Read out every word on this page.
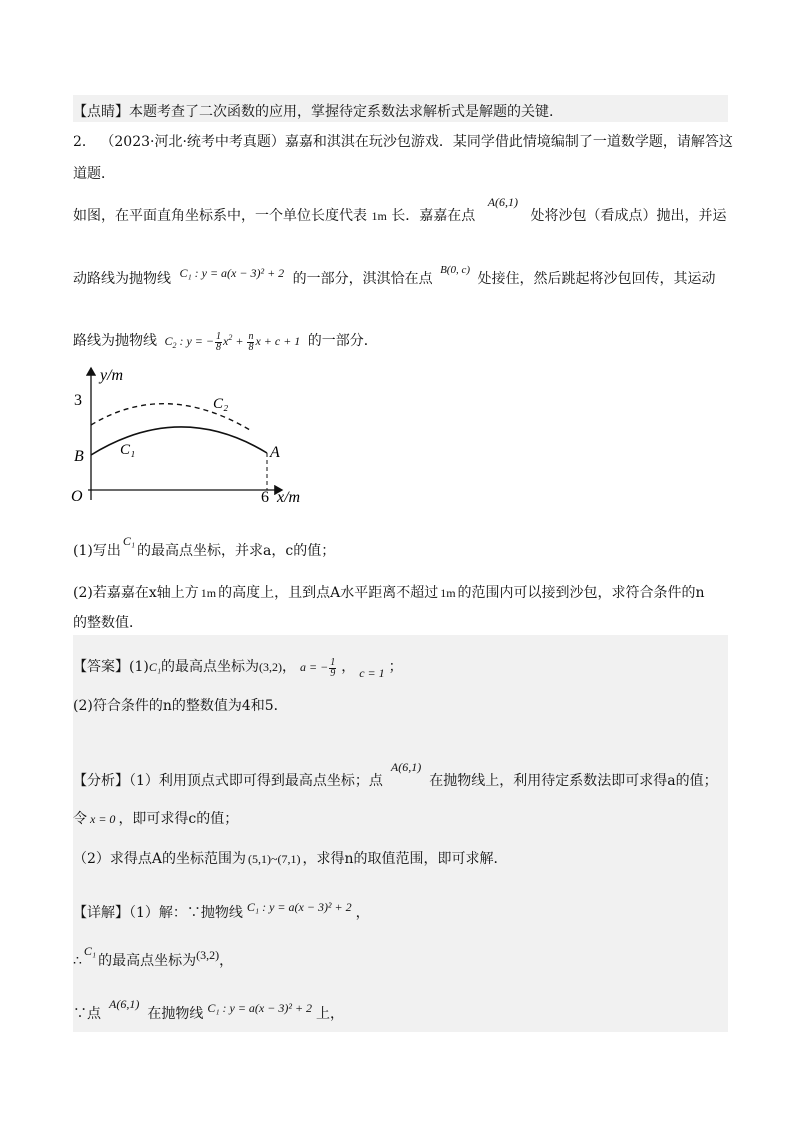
【点睛】本题考查了二次函数的应用，掌握待定系数法求解析式是解题的关键.
2． （2023·河北·统考中考真题）嘉嘉和淇淇在玩沙包游戏．某同学借此情境编制了一道数学题，请解答这
道题．
如图，在平面直角坐标系中，一个单位长度代表 1m 长．嘉嘉在点 A(6,1) 处将沙包（看成点）抛出，并运
动路线为抛物线 C₁ : y = a(x − 3)² + 2 的一部分，淇淇恰在点 $^{B(0, c)}$ 处接住，然后跳起将沙包回传，其运动
路线为抛物线 $C_2$ : y = − $\frac{1}{8} x^2 + \frac{n}{8}$ x + c + 1 的一部分．
y/m
x/m
O
3
6
B	A
C₁
C₂
(1)写出C₁的最高点坐标，并求a，c的值；
(2)若嘉嘉在x轴上方 1m 的高度上，且到点A水平距离不超过 1m 的范围内可以接到沙包，求符合条件的n
的整数值．
【答案】(1)C₁的最高点坐标为(3,2)， a = − $\frac{1}{9}$ ， c = 1 ；
(2)符合条件的n的整数值为4和5．
【分析】（1）利用顶点式即可得到最高点坐标；点A(6,1)在抛物线上，利用待定系数法即可求得a的值；
令 x = 0 ，即可求得c的值；
（2）求得点A的坐标范围为 (5,1)~(7,1) ，求得n的取值范围，即可求解．
【详解】（1）解：∵抛物线 C₁ : y = a(x − 3)² + 2 ，
∴C₁的最高点坐标为(3,2)，
∵点A(6,1)在抛物线 C₁ : y = a(x − 3)² + 2 上，
